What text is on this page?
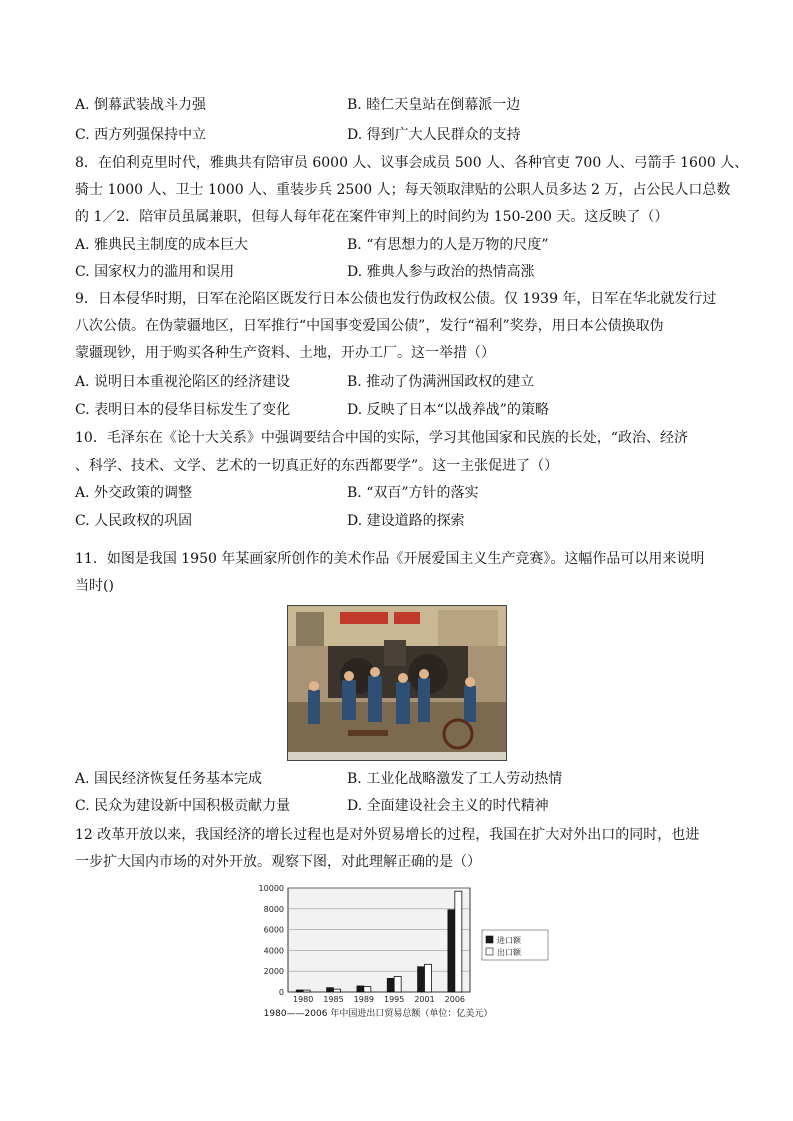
A. 倒幕武装战斗力强	B. 睦仁天皇站在倒幕派一边
C. 西方列强保持中立	D. 得到广大人民群众的支持
8．在伯利克里时代，雅典共有陪审员 6000 人、议事会成员 500 人、各种官吏 700 人、弓箭手 1600 人、
骑士 1000 人、卫士 1000 人、重装步兵 2500 人；每天领取津贴的公职人员多达 2 万，占公民人口总数
的 1／2．陪审员虽属兼职，但每人每年花在案件审判上的时间约为 150-200 天。这反映了（）
A. 雅典民主制度的成本巨大	B. “有思想力的人是万物的尺度”
C. 国家权力的滥用和误用	D. 雅典人参与政治的热情高涨
9．日本侵华时期，日军在沦陷区既发行日本公债也发行伪政权公债。仅 1939 年，日军在华北就发行过
八次公债。在伪蒙疆地区，日军推行“中国事变爱国公债”，发行“福利”奖券，用日本公债换取伪
蒙疆现钞，用于购买各种生产资料、土地，开办工厂。这一举措（）
A. 说明日本重视沦陷区的经济建设	B. 推动了伪满洲国政权的建立
C. 表明日本的侵华目标发生了变化	D. 反映了日本“以战养战”的策略
10．毛泽东在《论十大关系》中强调要结合中国的实际，学习其他国家和民族的长处，“政治、经济
、科学、技术、文学、艺术的一切真正好的东西都要学”。这一主张促进了（）
A. 外交政策的调整	B. “双百”方针的落实
C. 人民政权的巩固	D. 建设道路的探索
11．如图是我国 1950 年某画家所创作的美术作品《开展爱国主义生产竞赛》。这幅作品可以用来说明
当时()
A. 国民经济恢复任务基本完成	B. 工业化战略激发了工人劳动热情
C. 民众为建设新中国积极贡献力量	D. 全面建设社会主义的时代精神
12 改革开放以来，我国经济的增长过程也是对外贸易增长的过程，我国在扩大对外出口的同时，也进
一步扩大国内市场的对外开放。观察下图，对此理解正确的是（）
0
2000
4000
6000
8000
10000
1980 1985 1989 1995 2001 2006
进口额
出口额
1980——2006 年中国进出口贸易总额（单位：亿美元）
